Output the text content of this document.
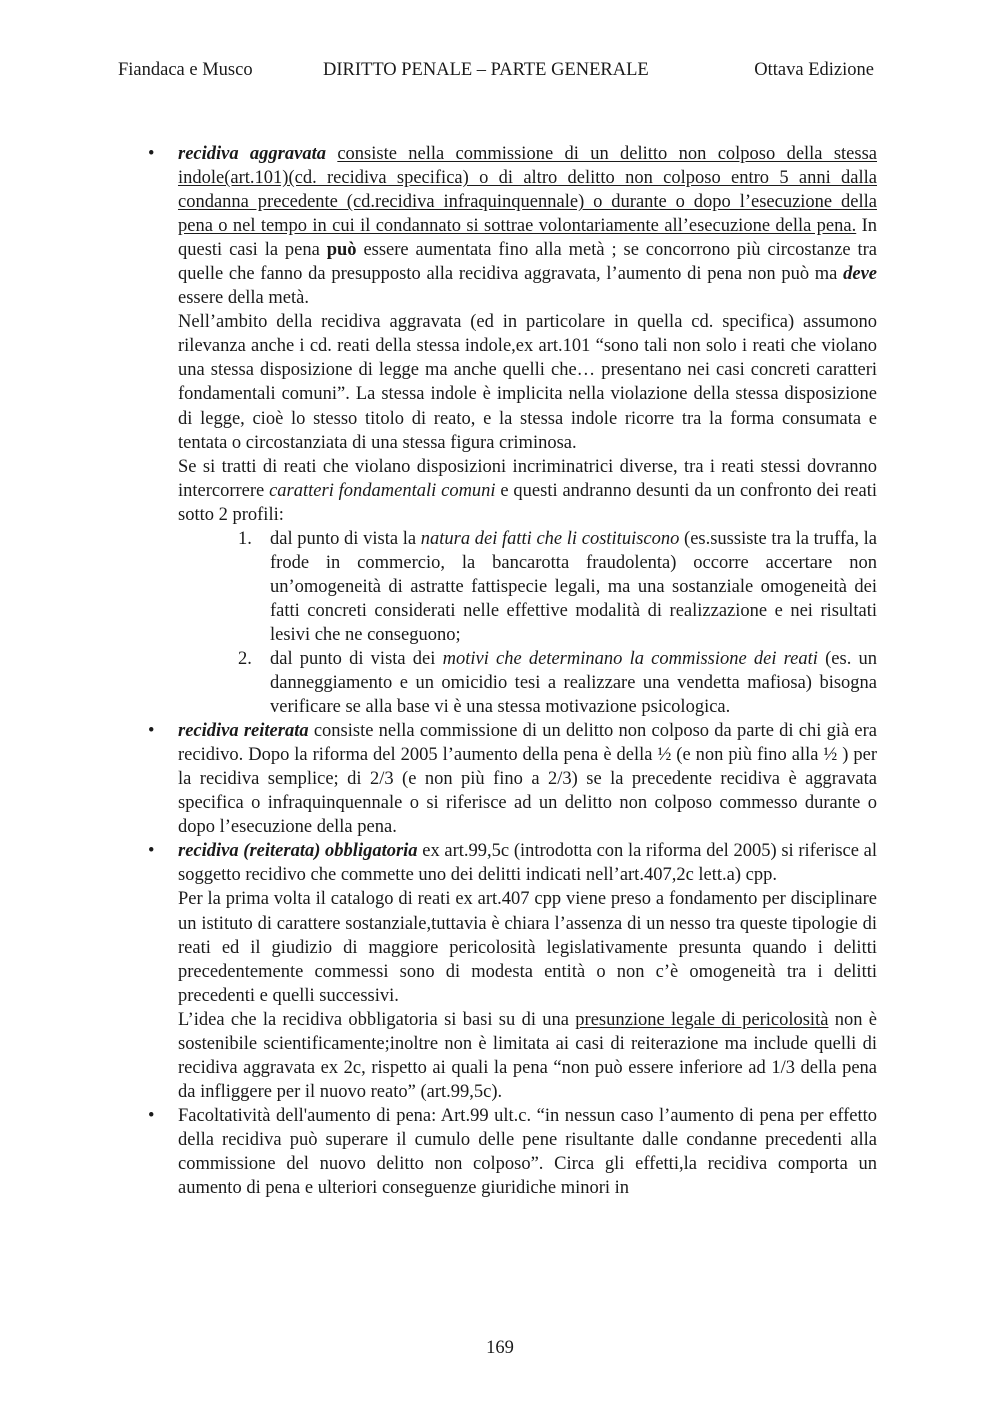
Fiandaca e Musco	DIRITTO PENALE – PARTE GENERALE	Ottava Edizione
• recidiva aggravata consiste nella commissione di un delitto non colposo della stessa indole(art.101)(cd. recidiva specifica) o di altro delitto non colposo entro 5 anni dalla condanna precedente (cd.recidiva infraquinquennale) o durante o dopo l’esecuzione della pena o nel tempo in cui il condannato si sottrae volontariamente all’esecuzione della pena. In questi casi la pena può essere aumentata fino alla metà ; se concorrono più circostanze tra quelle che fanno da presupposto alla recidiva aggravata, l’aumento di pena non può ma deve essere della metà.

Nell’ambito della recidiva aggravata (ed in particolare in quella cd. specifica) assumono rilevanza anche i cd. reati della stessa indole,ex art.101 “sono tali non solo i reati che violano una stessa disposizione di legge ma anche quelli che… presentano nei casi concreti caratteri fondamentali comuni”. La stessa indole è implicita nella violazione della stessa disposizione di legge, cioè lo stesso titolo di reato, e la stessa indole ricorre tra la forma consumata e tentata o circostanziata di una stessa figura criminosa.

Se si tratti di reati che violano disposizioni incriminatrici diverse, tra i reati stessi dovranno intercorrere caratteri fondamentali comuni e questi andranno desunti da un confronto dei reati sotto 2 profili:

1. dal punto di vista la natura dei fatti che li costituiscono (es.sussiste tra la truffa, la frode in commercio, la bancarotta fraudolenta) occorre accertare non un’omogeneità di astratte fattispecie legali, ma una sostanziale omogeneità dei fatti concreti considerati nelle effettive modalità di realizzazione e nei risultati lesivi che ne conseguono;
2. dal punto di vista dei motivi che determinano la commissione dei reati (es. un danneggiamento e un omicidio tesi a realizzare una vendetta mafiosa) bisogna verificare se alla base vi è una stessa motivazione psicologica.
• recidiva reiterata consiste nella commissione di un delitto non colposo da parte di chi già era recidivo. Dopo la riforma del 2005 l’aumento della pena è della ½ (e non più fino alla ½ ) per la recidiva semplice; di 2/3 (e non più fino a 2/3) se la precedente recidiva è aggravata specifica o infraquinquennale o si riferisce ad un delitto non colposo commesso durante o dopo l’esecuzione della pena.

• recidiva (reiterata) obbligatoria ex art.99,5c (introdotta con la riforma del 2005) si riferisce al soggetto recidivo che commette uno dei delitti indicati nell’art.407,2c lett.a) cpp.

Per la prima volta il catalogo di reati ex art.407 cpp viene preso a fondamento per disciplinare un istituto di carattere sostanziale,tuttavia è chiara l’assenza di un nesso tra queste tipologie di reati ed il giudizio di maggiore pericolosità legislativamente presunta quando i delitti precedentemente commessi sono di modesta entità o non c’è omogeneità tra i delitti precedenti e quelli successivi.

L’idea che la recidiva obbligatoria si basi su di una presunzione legale di pericolosità non è sostenibile scientificamente;inoltre non è limitata ai casi di reiterazione ma include quelli di recidiva aggravata ex 2c, rispetto ai quali la pena “non può essere inferiore ad 1/3 della pena da infliggere per il nuovo reato” (art.99,5c).

• Facoltatività dell'aumento di pena: Art.99 ult.c. “in nessun caso l’aumento di pena per effetto della recidiva può superare il cumulo delle pene risultante dalle condanne precedenti alla commissione del nuovo delitto non colposo”. Circa gli effetti,la recidiva comporta un aumento di pena e ulteriori conseguenze giuridiche minori in

169
